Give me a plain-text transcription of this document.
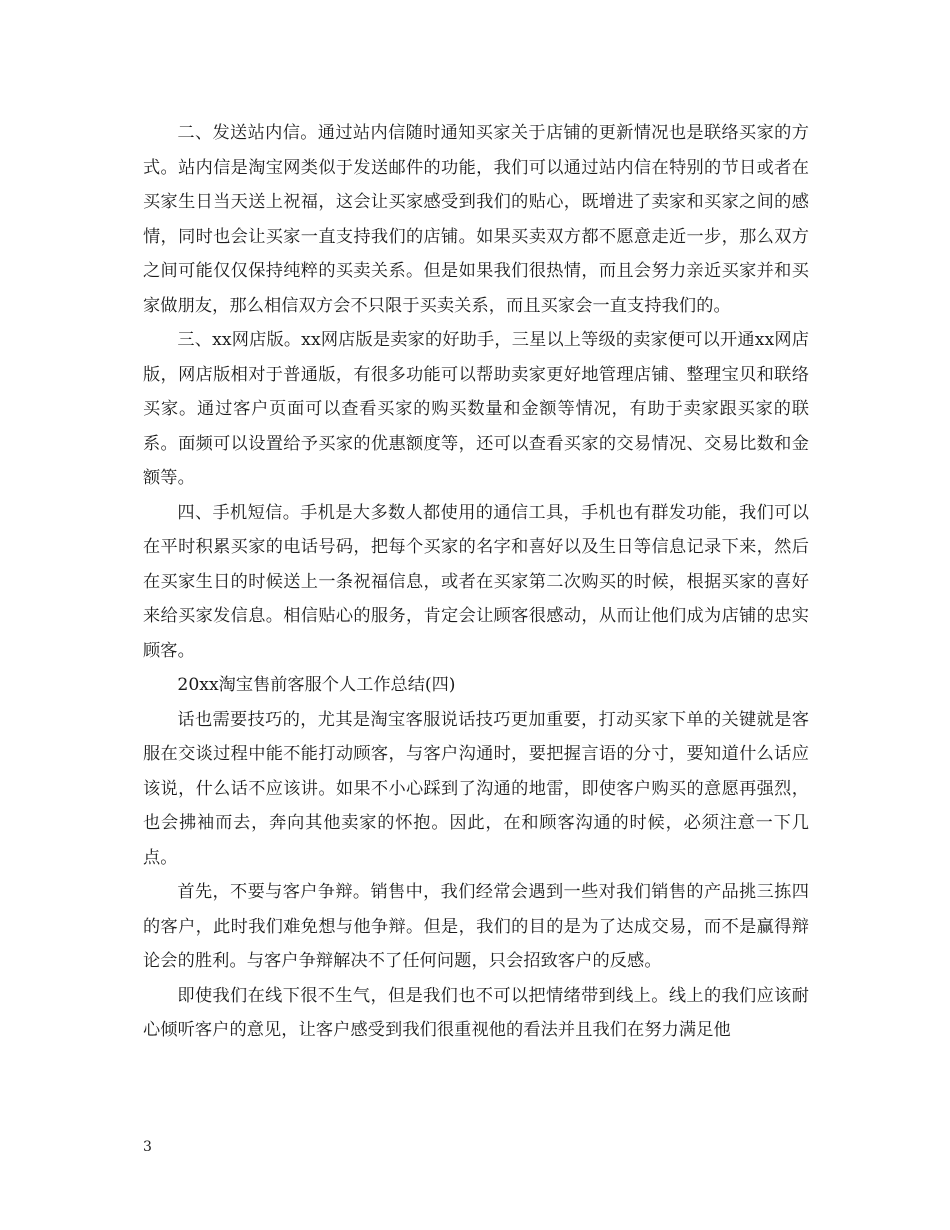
二、发送站内信。通过站内信随时通知买家关于店铺的更新情况也是联络买家的方式。站内信是淘宝网类似于发送邮件的功能，我们可以通过站内信在特别的节日或者在买家生日当天送上祝福，这会让买家感受到我们的贴心，既增进了卖家和买家之间的感情，同时也会让买家一直支持我们的店铺。如果买卖双方都不愿意走近一步，那么双方之间可能仅仅保持纯粹的买卖关系。但是如果我们很热情，而且会努力亲近买家并和买家做朋友，那么相信双方会不只限于买卖关系，而且买家会一直支持我们的。

三、xx网店版。xx网店版是卖家的好助手，三星以上等级的卖家便可以开通xx网店版，网店版相对于普通版，有很多功能可以帮助卖家更好地管理店铺、整理宝贝和联络买家。通过客户页面可以查看买家的购买数量和金额等情况，有助于卖家跟买家的联系。面频可以设置给予买家的优惠额度等，还可以查看买家的交易情况、交易比数和金额等。

四、手机短信。手机是大多数人都使用的通信工具，手机也有群发功能，我们可以在平时积累买家的电话号码，把每个买家的名字和喜好以及生日等信息记录下来，然后在买家生日的时候送上一条祝福信息，或者在买家第二次购买的时候，根据买家的喜好来给买家发信息。相信贴心的服务，肯定会让顾客很感动，从而让他们成为店铺的忠实顾客。

20xx淘宝售前客服个人工作总结(四)

话也需要技巧的，尤其是淘宝客服说话技巧更加重要，打动买家下单的关键就是客服在交谈过程中能不能打动顾客，与客户沟通时，要把握言语的分寸，要知道什么话应该说，什么话不应该讲。如果不小心踩到了沟通的地雷，即使客户购买的意愿再强烈，也会拂袖而去，奔向其他卖家的怀抱。因此，在和顾客沟通的时候，必须注意一下几点。

首先，不要与客户争辩。销售中，我们经常会遇到一些对我们销售的产品挑三拣四的客户，此时我们难免想与他争辩。但是，我们的目的是为了达成交易，而不是赢得辩论会的胜利。与客户争辩解决不了任何问题，只会招致客户的反感。

即使我们在线下很不生气，但是我们也不可以把情绪带到线上。线上的我们应该耐心倾听客户的意见，让客户感受到我们很重视他的看法并且我们在努力满足他

3
